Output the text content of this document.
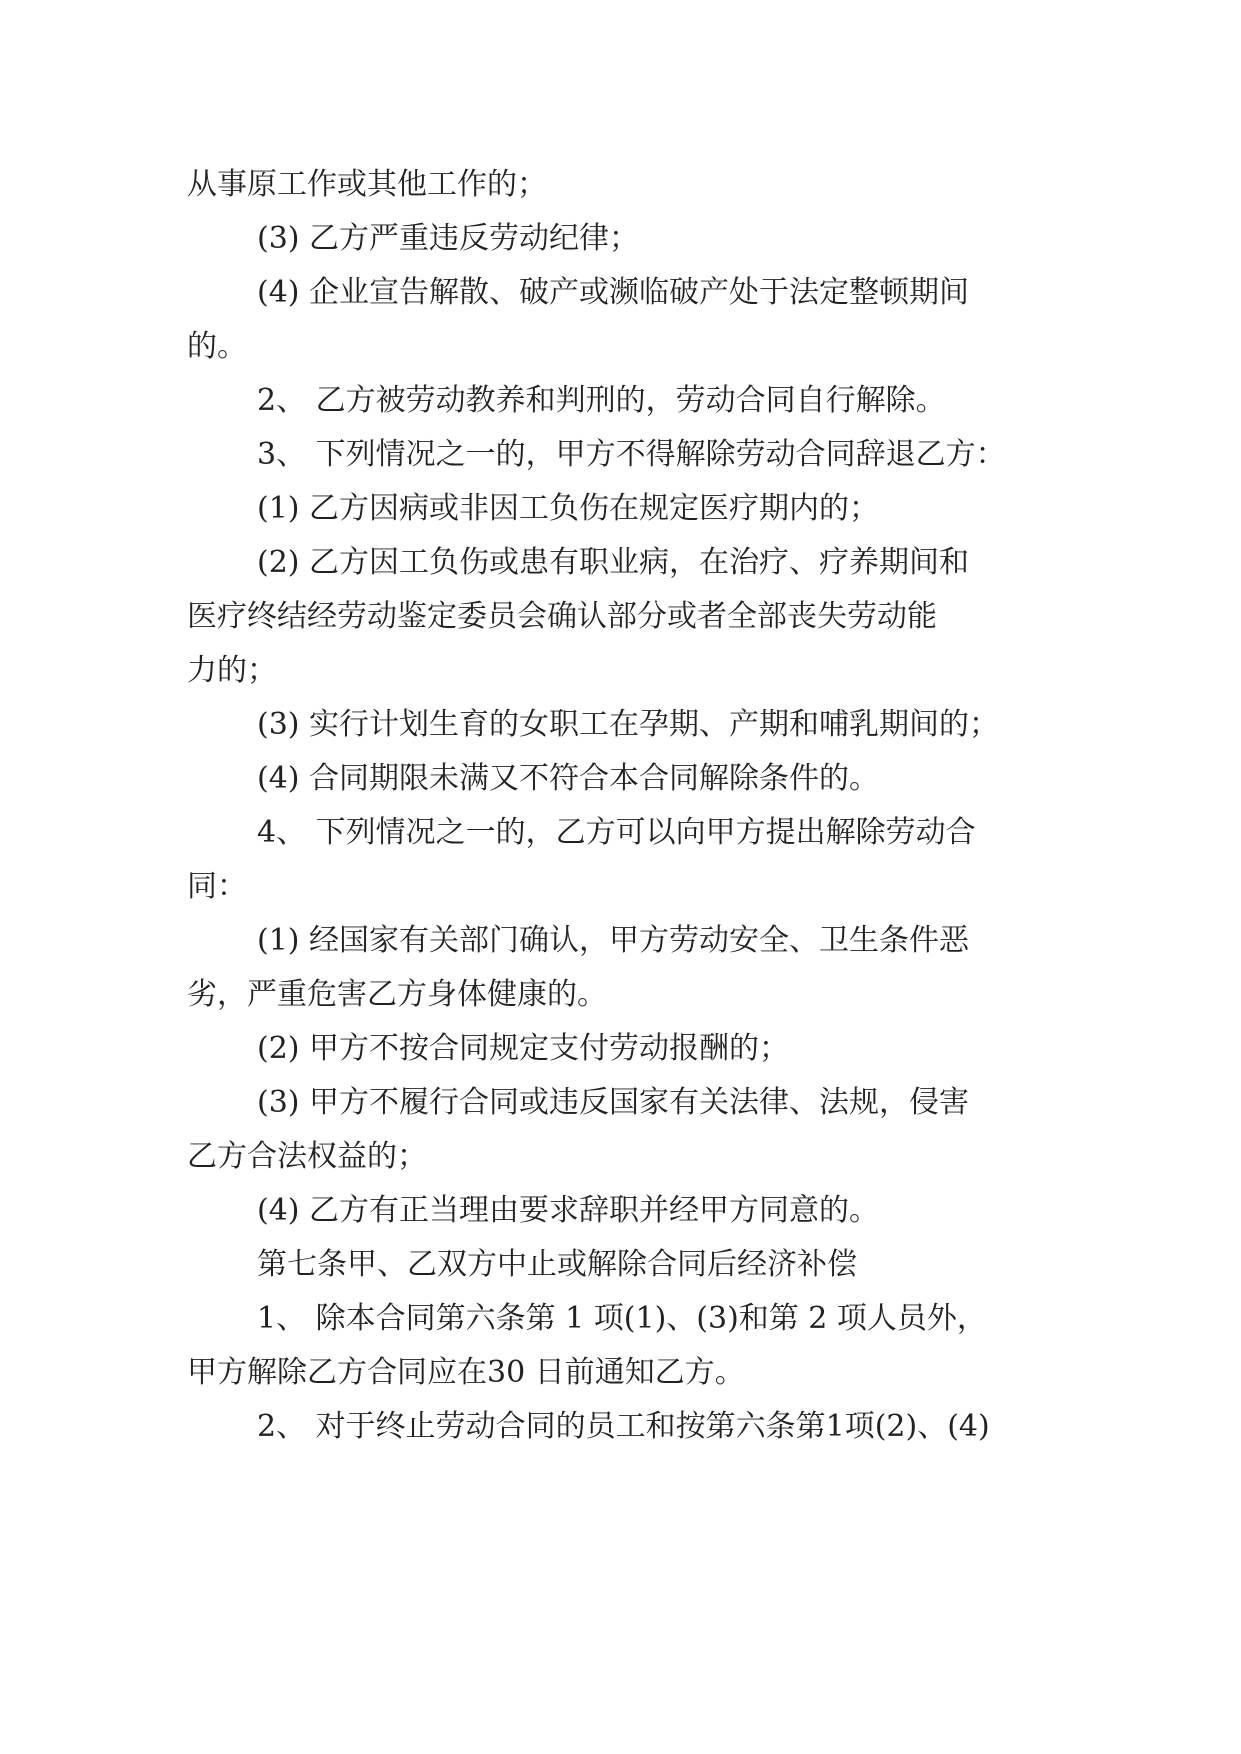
从事原工作或其他工作的；
(3) 乙方严重违反劳动纪律；
(4) 企业宣告解散、破产或濒临破产处于法定整顿期间
的。
2、 乙方被劳动教养和判刑的，劳动合同自行解除。
3、 下列情况之一的，甲方不得解除劳动合同辞退乙方：
(1) 乙方因病或非因工负伤在规定医疗期内的；
(2) 乙方因工负伤或患有职业病，在治疗、疗养期间和
医疗终结经劳动鉴定委员会确认部分或者全部丧失劳动能
力的；
(3) 实行计划生育的女职工在孕期、产期和哺乳期间的；
(4) 合同期限未满又不符合本合同解除条件的。
4、 下列情况之一的，乙方可以向甲方提出解除劳动合
同：
(1) 经国家有关部门确认，甲方劳动安全、卫生条件恶
劣，严重危害乙方身体健康的。
(2) 甲方不按合同规定支付劳动报酬的；
(3) 甲方不履行合同或违反国家有关法律、法规，侵害
乙方合法权益的；
(4) 乙方有正当理由要求辞职并经甲方同意的。
第七条甲、乙双方中止或解除合同后经济补偿
1、 除本合同第六条第 1 项(1)、(3)和第 2 项人员外，
甲方解除乙方合同应在30 日前通知乙方。
2、 对于终止劳动合同的员工和按第六条第1项(2)、(4)
